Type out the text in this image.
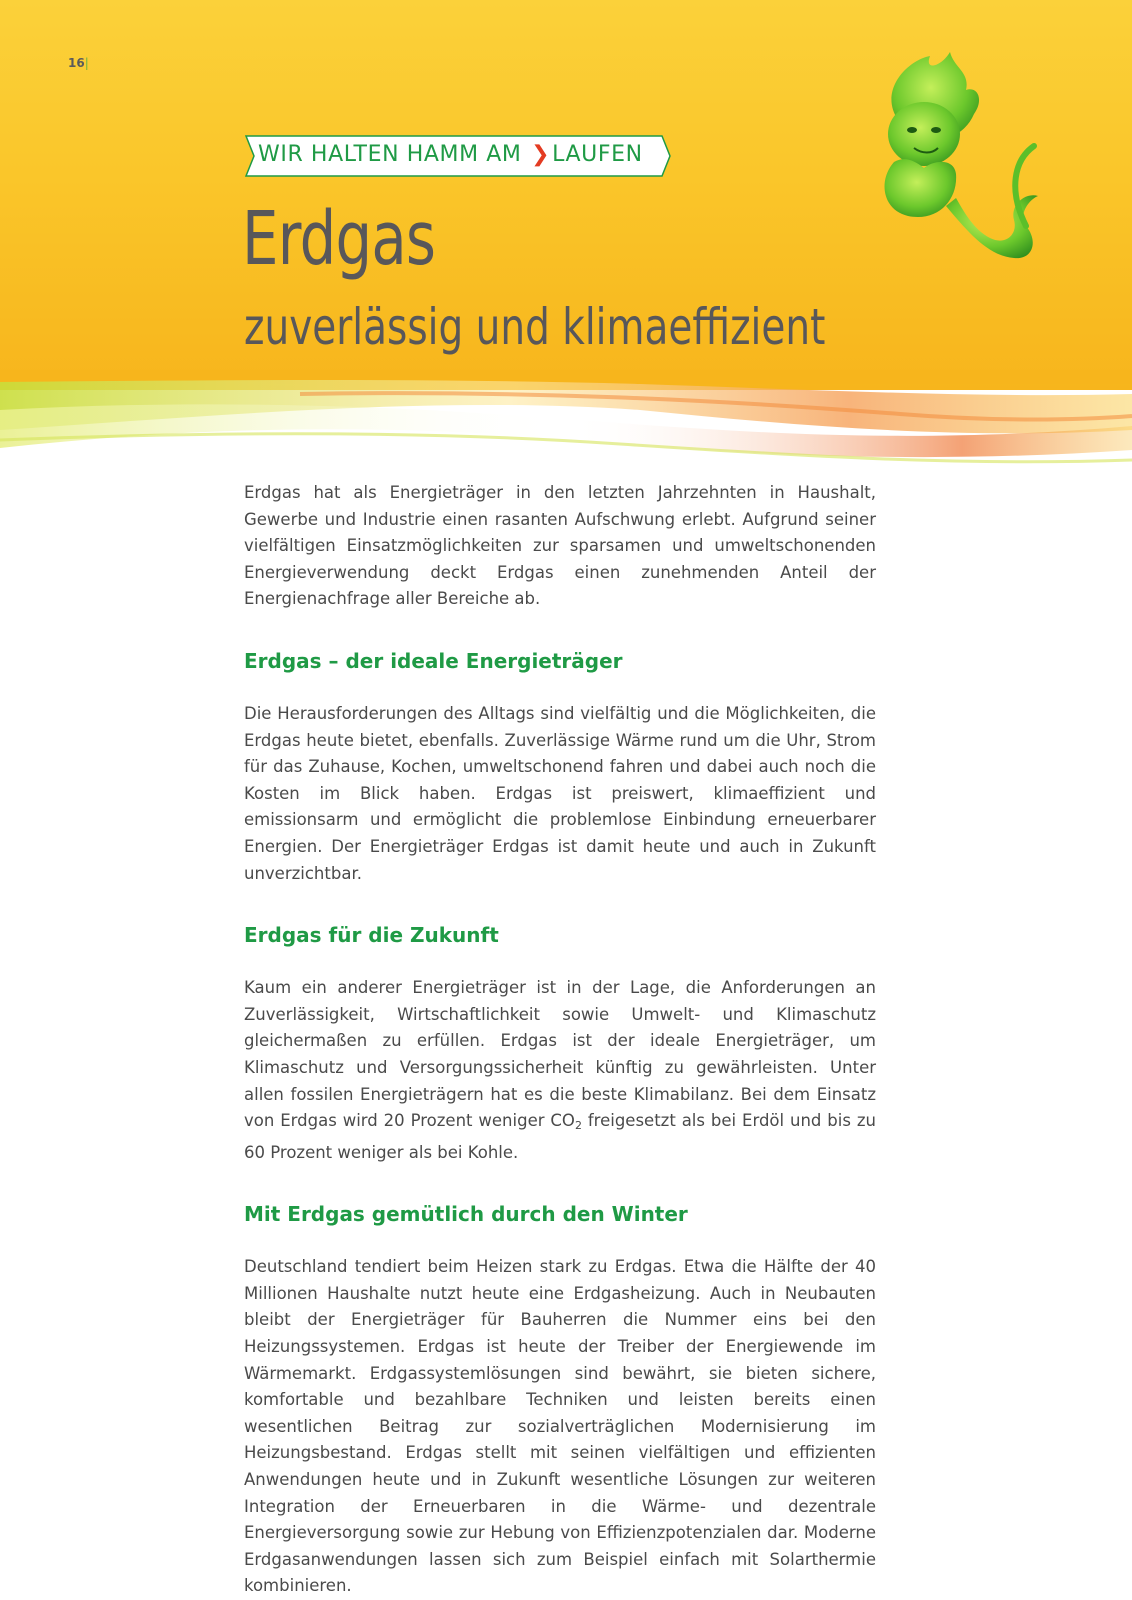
16|
WIR HALTEN HAMM AM ❯LAUFEN
Erdgas
zuverlässig und klimaeffizient

Erdgas hat als Energieträger in den letzten Jahrzehnten in Haushalt, Gewerbe und Industrie einen rasanten Aufschwung erlebt. Aufgrund seiner vielfältigen Einsatzmöglichkeiten zur sparsamen und umweltschonenden Energieverwendung deckt Erdgas einen zunehmenden Anteil der Energienachfrage aller Bereiche ab.

Erdgas – der ideale Energieträger

Die Herausforderungen des Alltags sind vielfältig und die Möglichkeiten, die Erdgas heute bietet, ebenfalls. Zuverlässige Wärme rund um die Uhr, Strom für das Zuhause, Kochen, umweltschonend fahren und dabei auch noch die Kosten im Blick haben. Erdgas ist preiswert, klimaeffizient und emissionsarm und ermöglicht die problemlose Einbindung erneuerbarer Energien. Der Energieträger Erdgas ist damit heute und auch in Zukunft unverzichtbar.

Erdgas für die Zukunft

Kaum ein anderer Energieträger ist in der Lage, die Anforderungen an Zuverlässigkeit, Wirtschaftlichkeit sowie Umwelt- und Klimaschutz gleichermaßen zu erfüllen. Erdgas ist der ideale Energieträger, um Klimaschutz und Versorgungssicherheit künftig zu gewährleisten. Unter allen fossilen Energieträgern hat es die beste Klimabilanz. Bei dem Einsatz von Erdgas wird 20 Prozent weniger $CO_2$ freigesetzt als bei Erdöl und bis zu 60 Prozent weniger als bei Kohle.

Mit Erdgas gemütlich durch den Winter

Deutschland tendiert beim Heizen stark zu Erdgas. Etwa die Hälfte der 40 Millionen Haushalte nutzt heute eine Erdgasheizung. Auch in Neubauten bleibt der Energieträger für Bauherren die Nummer eins bei den Heizungssystemen. Erdgas ist heute der Treiber der Energiewende im Wärmemarkt. Erdgassystemlösungen sind bewährt, sie bieten sichere, komfortable und bezahlbare Techniken und leisten bereits einen wesentlichen Beitrag zur sozialverträglichen Modernisierung im Heizungsbestand. Erdgas stellt mit seinen vielfältigen und effizienten Anwendungen heute und in Zukunft wesentliche Lösungen zur weiteren Integration der Erneuerbaren in die Wärme- und dezentrale Energieversorgung sowie zur Hebung von Effizienzpotenzialen dar. Moderne Erdgasanwendungen lassen sich zum Beispiel einfach mit Solarthermie kombinieren.
